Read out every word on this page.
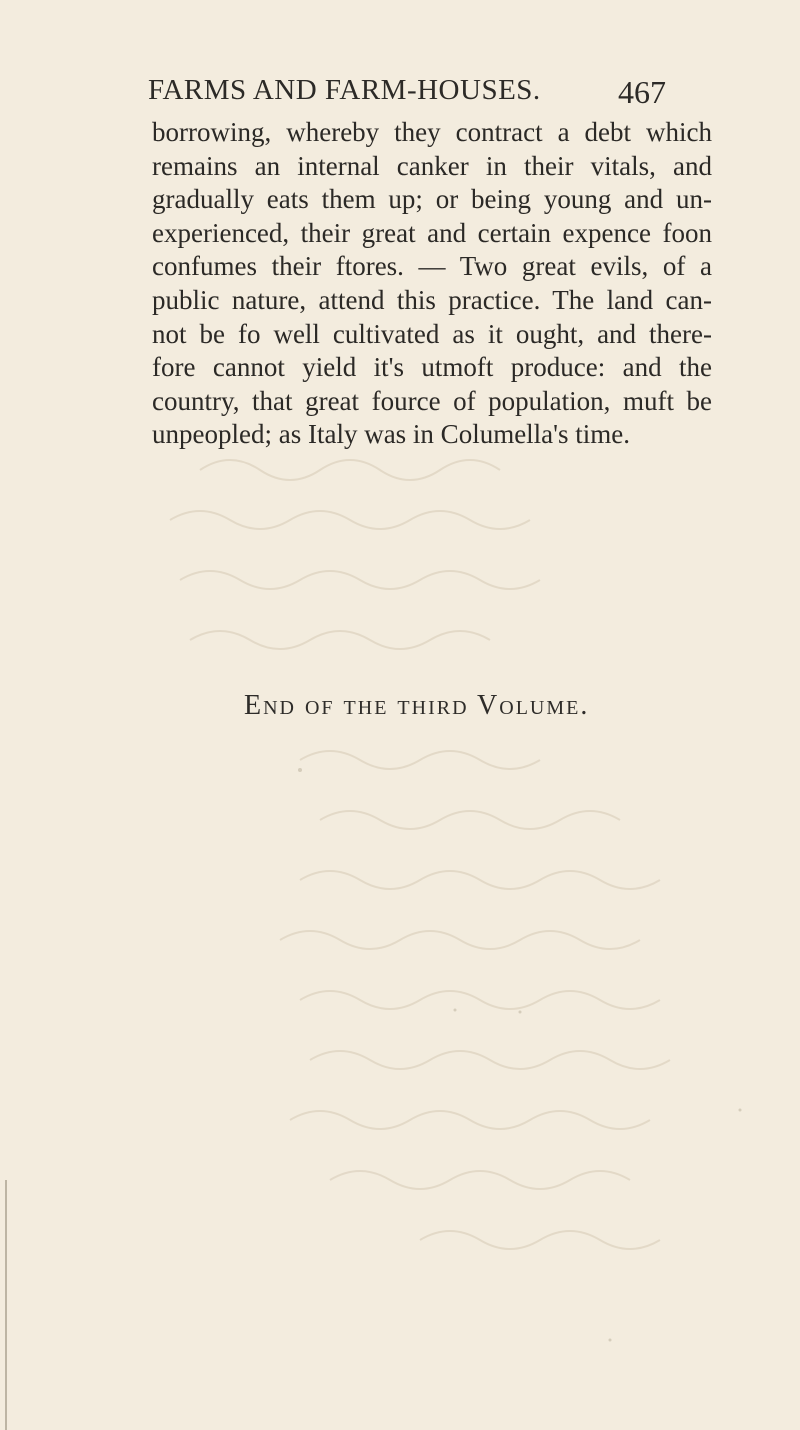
FARMS AND FARM-HOUSES. 467
borrowing, whereby they contract a debt which
remains an internal canker in their vitals, and
gradually eats them up; or being young and un-
experienced, their great and certain expence foon
confumes their ftores. — Two great evils, of a
public nature, attend this practice. The land can-
not be fo well cultivated as it ought, and there-
fore cannot yield it's utmoft produce: and the
country, that great fource of population, muft be
unpeopled; as Italy was in Columella's time.
End of the third Volume.
